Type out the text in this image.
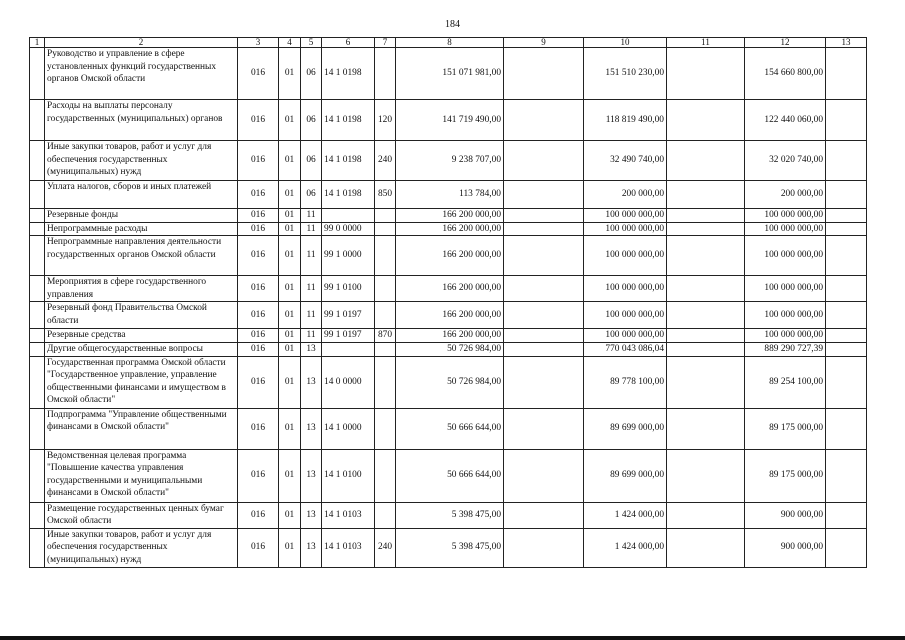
184
1	2	3	4	5	6	7	8	9	10	11	12	13
	Руководство и управление в сфере установленных функций государственных органов Омской области	016	01	06	14 1 0198		151 071 981,00		151 510 230,00		154 660 800,00	
	Расходы на выплаты персоналу государственных (муниципальных) органов	016	01	06	14 1 0198	120	141 719 490,00		118 819 490,00		122 440 060,00	
	Иные закупки товаров, работ и услуг для обеспечения государственных (муниципальных) нужд	016	01	06	14 1 0198	240	9 238 707,00		32 490 740,00		32 020 740,00	
	Уплата налогов, сборов и иных платежей	016	01	06	14 1 0198	850	113 784,00		200 000,00		200 000,00	
	Резервные фонды	016	01	11			166 200 000,00		100 000 000,00		100 000 000,00	
	Непрограммные расходы	016	01	11	99 0 0000		166 200 000,00		100 000 000,00		100 000 000,00	
	Непрограммные направления деятельности государственных органов Омской области	016	01	11	99 1 0000		166 200 000,00		100 000 000,00		100 000 000,00	
	Мероприятия в сфере государственного управления	016	01	11	99 1 0100		166 200 000,00		100 000 000,00		100 000 000,00	
	Резервный фонд Правительства Омской области	016	01	11	99 1 0197		166 200 000,00		100 000 000,00		100 000 000,00	
	Резервные средства	016	01	11	99 1 0197	870	166 200 000,00		100 000 000,00		100 000 000,00	
	Другие общегосударственные вопросы	016	01	13			50 726 984,00		770 043 086,04		889 290 727,39	
	Государственная программа Омской области "Государственное управление, управление общественными финансами и имуществом в Омской области"	016	01	13	14 0 0000		50 726 984,00		89 778 100,00		89 254 100,00	
	Подпрограмма "Управление общественными финансами в Омской области"	016	01	13	14 1 0000		50 666 644,00		89 699 000,00		89 175 000,00	
	Ведомственная целевая программа "Повышение качества управления государственными и муниципальными финансами в Омской области"	016	01	13	14 1 0100		50 666 644,00		89 699 000,00		89 175 000,00	
	Размещение государственных ценных бумаг Омской области	016	01	13	14 1 0103		5 398 475,00		1 424 000,00		900 000,00	
	Иные закупки товаров, работ и услуг для обеспечения государственных (муниципальных) нужд	016	01	13	14 1 0103	240	5 398 475,00		1 424 000,00		900 000,00	
